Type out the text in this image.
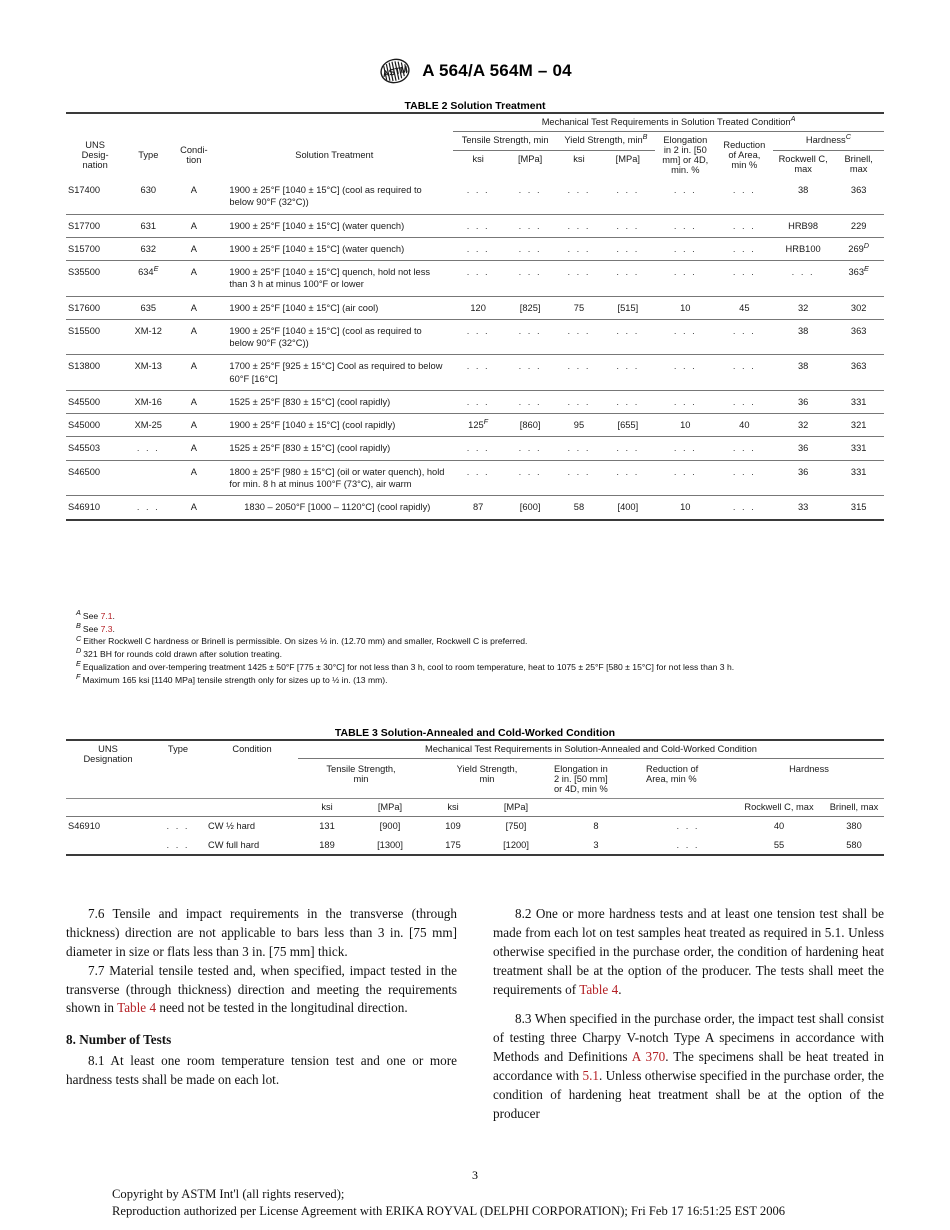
ASTM A 564/A 564M – 04
TABLE 2 Solution Treatment
				Mechanical Test Requirements in Solution Treated Condition$^A$

UNS
Desig-
nation
	Type	Condi-
tion	Solution Treatment	Tensile Strength, min	Yield Strength, $\min^B$	Elongation
in 2 in. [50
mm] or 4D,
min. %

Reduction
of Area,
min %
	Hardness$^C$
ksi	[MPa]	ksi	[MPa]	Rockwell C,
max

Brinell,
max

S17400	630	A	1900 ± 25°F [1040 ± 15°C] (cool as required to below 90°F (32°C))	. . .	. . .	. . .	. . .	. . .	. . .	38	363
S17700	631	A	1900 ± 25°F [1040 ± 15°C] (water quench)	. . .	. . .	. . .	. . .	. . .	. . .	HRB98	229
S15700	632	A	1900 ± 25°F [1040 ± 15°C] (water quench)	. . .	. . .	. . .	. . .	. . .	. . .	HRB100	$269^D$
S35500	$634^E$	A	1900 ± 25°F [1040 ± 15°C] quench, hold not less than 3 h at minus 100°F or lower	. . .	. . .	. . .	. . .	. . .	. . .	. . .	$363^E$
S17600	635	A	1900 ± 25°F [1040 ± 15°C] (air cool)	120	[825]	75	[515]	10	45	32	302
S15500	XM-12	A	1900 ± 25°F [1040 ± 15°C] (cool as required to below 90°F (32°C))	. . .	. . .	. . .	. . .	. . .	. . .	38	363
S13800	XM-13	A	1700 ± 25°F [925 ± 15°C] Cool as required to below 60°F [16°C]	. . .	. . .	. . .	. . .	. . .	. . .	38	363
S45500	XM-16	A	1525 ± 25°F [830 ± 15°C] (cool rapidly)	. . .	. . .	. . .	. . .	. . .	. . .	36	331
S45000	XM-25	A	1900 ± 25°F [1040 ± 15°C] (cool rapidly)	$125^F$	[860]	95	[655]	10	40	32	321
S45503	. . .	A	1525 ± 25°F [830 ± 15°C] (cool rapidly)	. . .	. . .	. . .	. . .	. . .	. . .	36	331
S46500		A	1800 ± 25°F [980 ± 15°C] (oil or water quench), hold for min. 8 h at minus 100°F (73°C), air warm	. . .	. . .	. . .	. . .	. . .	. . .	36	331
S46910	. . .	A	1830 – 2050°F [1000 – 1120°C] (cool rapidly)	87	[600]	58	[400]	10	. . .	33	315
$^A$ See 7.1.
$^B$ See 7.3.
$^C$ Either Rockwell C hardness or Brinell is permissible. On sizes ½ in. (12.70 mm) and smaller, Rockwell C is preferred.
$^D$ 321 BH for rounds cold drawn after solution treating.
$^E$ Equalization and over-tempering treatment 1425 ± 50°F [775 ± 30°C] for not less than 3 h, cool to room temperature, heat to 1075 ± 25°F [580 ± 15°C] for not less than 3 h.
$^F$ Maximum 165 ksi [1140 MPa] tensile strength only for sizes up to ½ in. (13 mm).
TABLE 3 Solution-Annealed and Cold-Worked Condition
UNS
Designation	Type	Condition	Mechanical Test Requirements in Solution-Annealed and Cold-Worked Condition							

Tensile Strength,
min

Yield Strength,
min

Elongation in
2 in. [50 mm]
or 4D, min %

Reduction of
Area, min %
	Hardness
			ksi	[MPa]	ksi	[MPa]			Rockwell C, max	Brinell, max
S46910	. . .	CW ½ hard	131	[900]	109	[750]	8	. . .	40	380
	. . .	CW full hard	189	[1300]	175	[1200]	3	. . .	55	580

7.6 Tensile and impact requirements in the transverse (through thickness) direction are not applicable to bars less than 3 in. [75 mm] diameter in size or flats less than 3 in. [75 mm] thick.

7.7 Material tensile tested and, when specified, impact tested in the transverse (through thickness) direction and meeting the requirements shown in Table 4 need not be tested in the longitudinal direction.

8. Number of Tests

8.1 At least one room temperature tension test and one or more hardness tests shall be made on each lot.

8.2 One or more hardness tests and at least one tension test shall be made from each lot on test samples heat treated as required in 5.1. Unless otherwise specified in the purchase order, the condition of hardening heat treatment shall be at the option of the producer. The tests shall meet the requirements of Table 4.

8.3 When specified in the purchase order, the impact test shall consist of testing three Charpy V-notch Type A specimens in accordance with Methods and Definitions A 370. The specimens shall be heat treated in accordance with 5.1. Unless otherwise specified in the purchase order, the condition of hardening heat treatment shall be at the option of the producer

3
Copyright by ASTM Int'l (all rights reserved);
Reproduction authorized per License Agreement with ERIKA ROYVAL (DELPHI CORPORATION); Fri Feb 17 16:51:25 EST 2006
